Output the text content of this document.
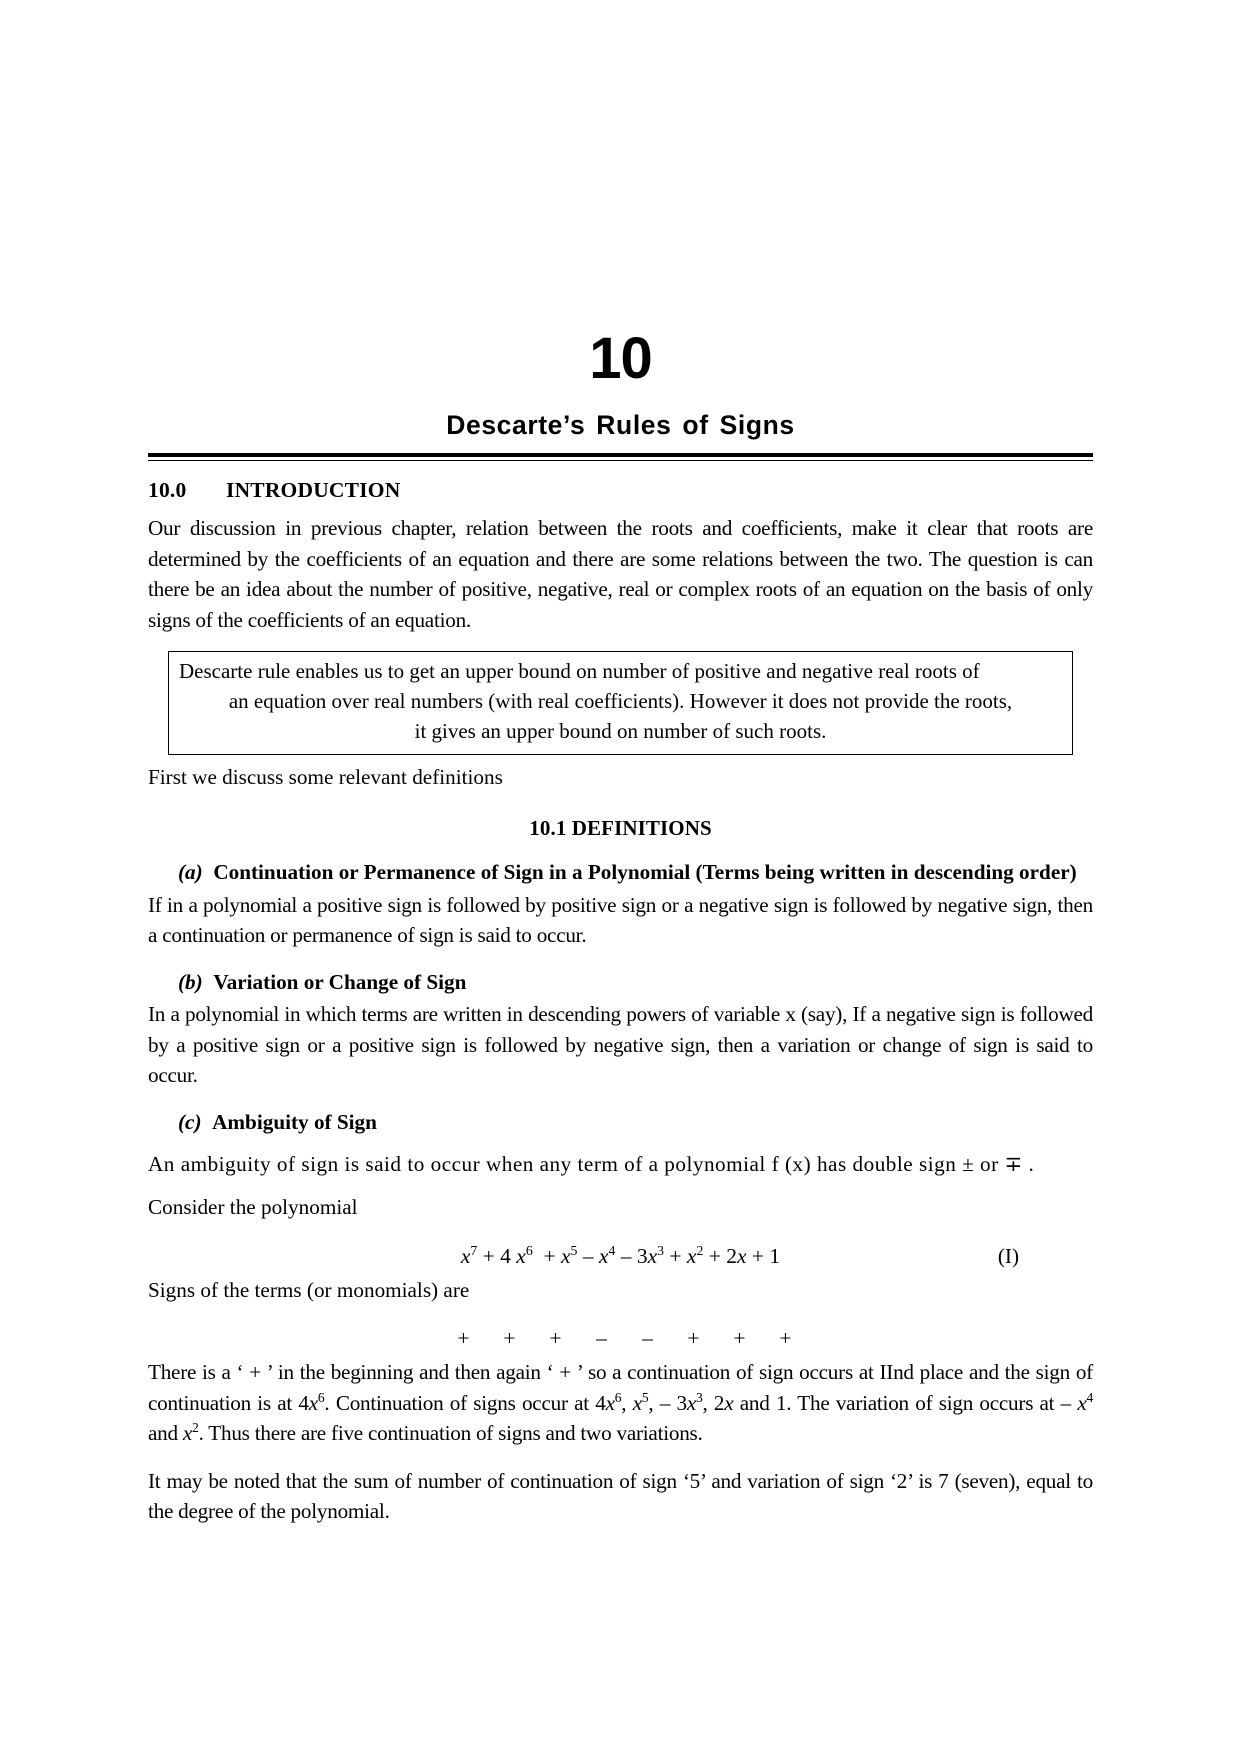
10
Descarte’s Rules of Signs
10.0 INTRODUCTION

Our discussion in previous chapter, relation between the roots and coefficients, make it clear that roots are determined by the coefficients of an equation and there are some relations between the two. The question is can there be an idea about the number of positive, negative, real or complex roots of an equation on the basis of only signs of the coefficients of an equation.

Descarte rule enables us to get an upper bound on number of positive and negative real roots of

an equation over real numbers (with real coefficients). However it does not provide the roots,

it gives an upper bound on number of such roots.

First we discuss some relevant definitions

10.1 DEFINITIONS
(a) Continuation or Permanence of Sign in a Polynomial (Terms being written in descending order)

If in a polynomial a positive sign is followed by positive sign or a negative sign is followed by negative sign, then a continuation or permanence of sign is said to occur.

(b) Variation or Change of Sign

In a polynomial in which terms are written in descending powers of variable x (say), If a negative sign is followed by a positive sign or a positive sign is followed by negative sign, then a variation or change of sign is said to occur.

(c) Ambiguity of Sign

An ambiguity of sign is said to occur when any term of a polynomial f (x) has double sign ± or ∓ .

Consider the polynomial

$x^7 + 4$ $x^6 + x^5 - x^4 - 3x^3 + x^2 + 2x + 1$	(I)

Signs of the terms (or monomials) are

+ + + – – + + +

There is a ‘ + ’ in the beginning and then again ‘ + ’ so a continuation of sign occurs at IInd place and the sign of continuation is at $4x^6$. Continuation of signs occur at $4x^6$, $x^5$, – $3x^3$, 2x and 1. The variation of sign occurs at – $x^4$ and $x^2$. Thus there are five continuation of signs and two variations.

It may be noted that the sum of number of continuation of sign ‘5’ and variation of sign ‘2’ is 7 (seven), equal to the degree of the polynomial.
